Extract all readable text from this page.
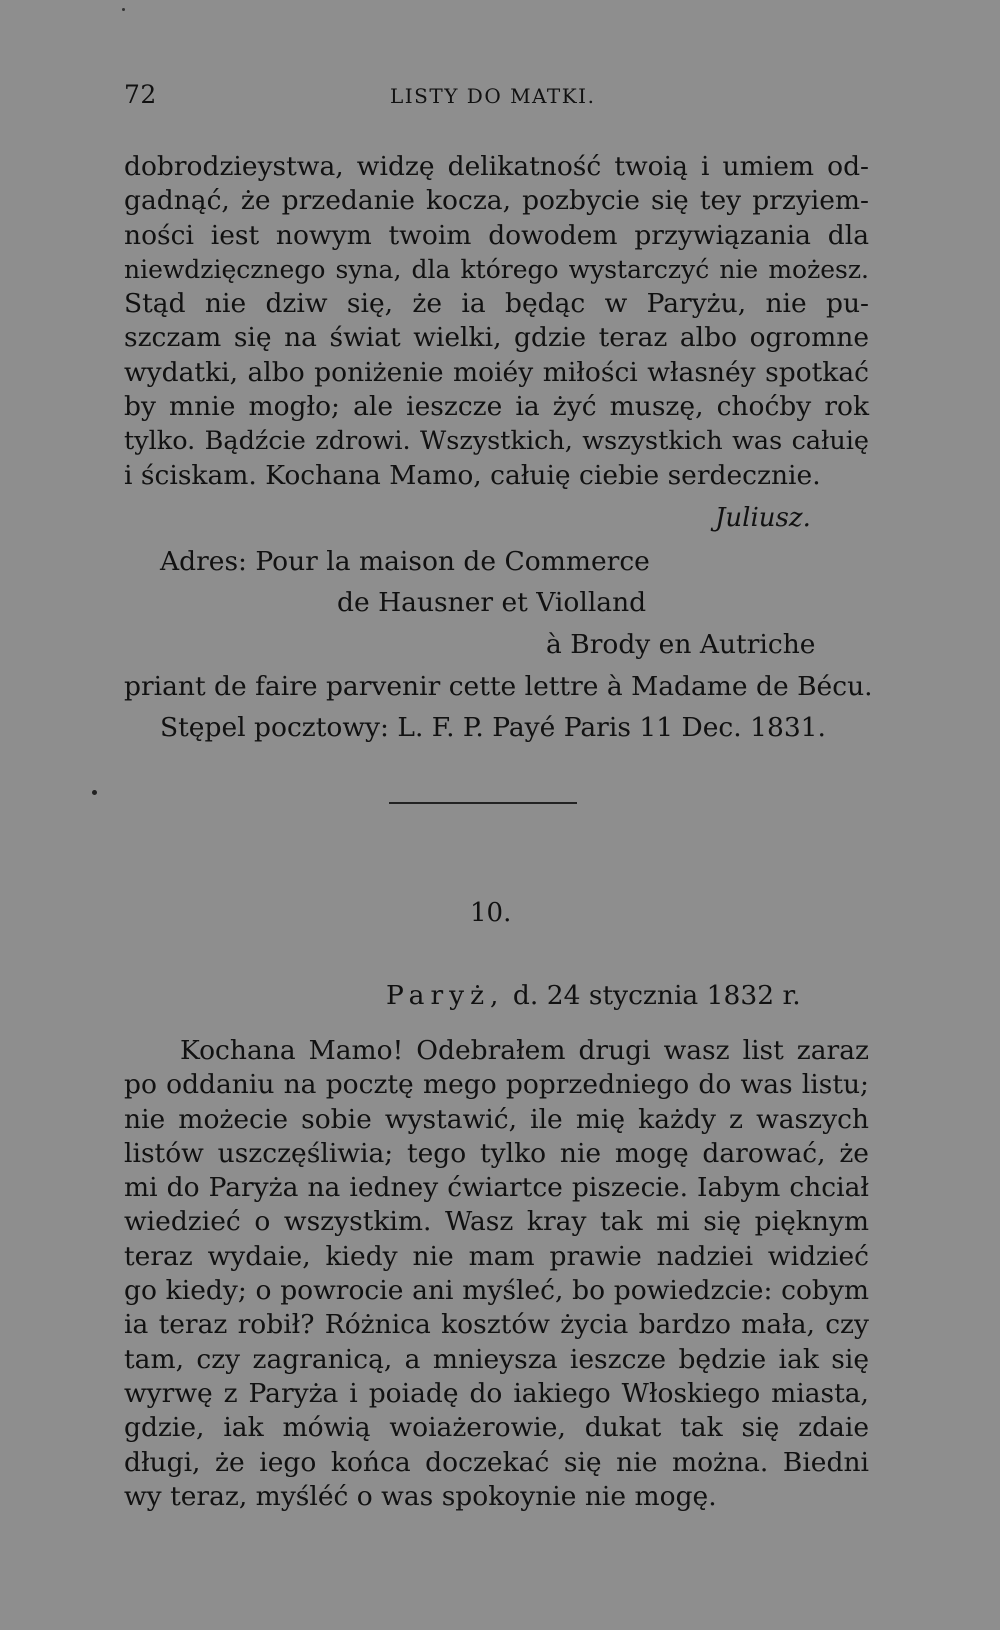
72	LISTY DO MATKI.
dobrodzieystwa, widzę delikatność twoią i umiem od-
gadnąć, że przedanie kocza, pozbycie się tey przyiem-
ności iest nowym twoim dowodem przywiązania dla
niewdzięcznego syna, dla którego wystarczyć nie możesz.
Stąd nie dziw się, że ia będąc w Paryżu, nie pu-
szczam się na świat wielki, gdzie teraz albo ogromne
wydatki, albo poniżenie moiéy miłości własnéy spotkać
by mnie mogło; ale ieszcze ia żyć muszę, choćby rok
tylko. Bądźcie zdrowi. Wszystkich, wszystkich was całuię
i ściskam. Kochana Mamo, całuię ciebie serdecznie.
Juliusz.
Adres: Pour la maison de Commerce
de Hausner et Violland
à Brody en Autriche
priant de faire parvenir cette lettre à Madame de Bécu.
Stępel pocztowy: L. F. P. Payé Paris 11 Dec. 1831.
10.
Paryż, d. 24 stycznia 1832 r.
Kochana Mamo! Odebrałem drugi wasz list zaraz
po oddaniu na pocztę mego poprzedniego do was listu;
nie możecie sobie wystawić, ile mię każdy z waszych
listów uszczęśliwia; tego tylko nie mogę darować, że
mi do Paryża na iedney ćwiartce piszecie. Iabym chciał
wiedzieć o wszystkim. Wasz kray tak mi się pięknym
teraz wydaie, kiedy nie mam prawie nadziei widzieć
go kiedy; o powrocie ani myśleć, bo powiedzcie: cobym
ia teraz robił? Różnica kosztów życia bardzo mała, czy
tam, czy zagranicą, a mnieysza ieszcze będzie iak się
wyrwę z Paryża i poiadę do iakiego Włoskiego miasta,
gdzie, iak mówią woiażerowie, dukat tak się zdaie
długi, że iego końca doczekać się nie można. Biedni
wy teraz, myśléć o was spokoynie nie mogę.
